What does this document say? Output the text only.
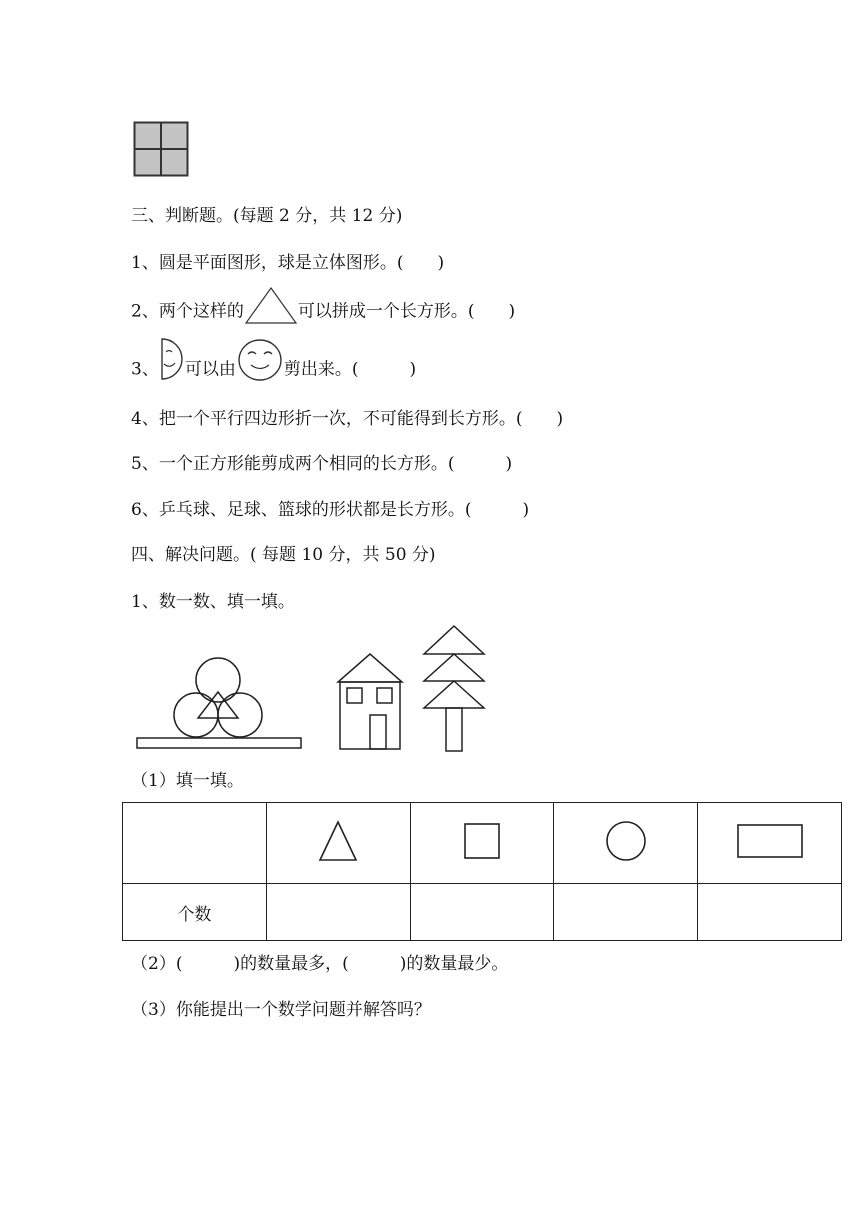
三、判断题。(每题 2 分，共 12 分)
1、圆是平面图形，球是立体图形。(　　)
2、两个这样的	可以拼成一个长方形。(　　)
3、 可以由	剪出来。(　　　)
4、把一个平行四边形折一次，不可能得到长方形。(　　)
5、一个正方形能剪成两个相同的长方形。(　　　)
6、乒乓球、足球、篮球的形状都是长方形。(　　　)
四、解决问题。( 每题 10 分，共 50 分)
1、数一数、填一填。
（1）填一填。

个数				
（2）(　　　)的数量最多，(　　　)的数量最少。
（3）你能提出一个数学问题并解答吗？
